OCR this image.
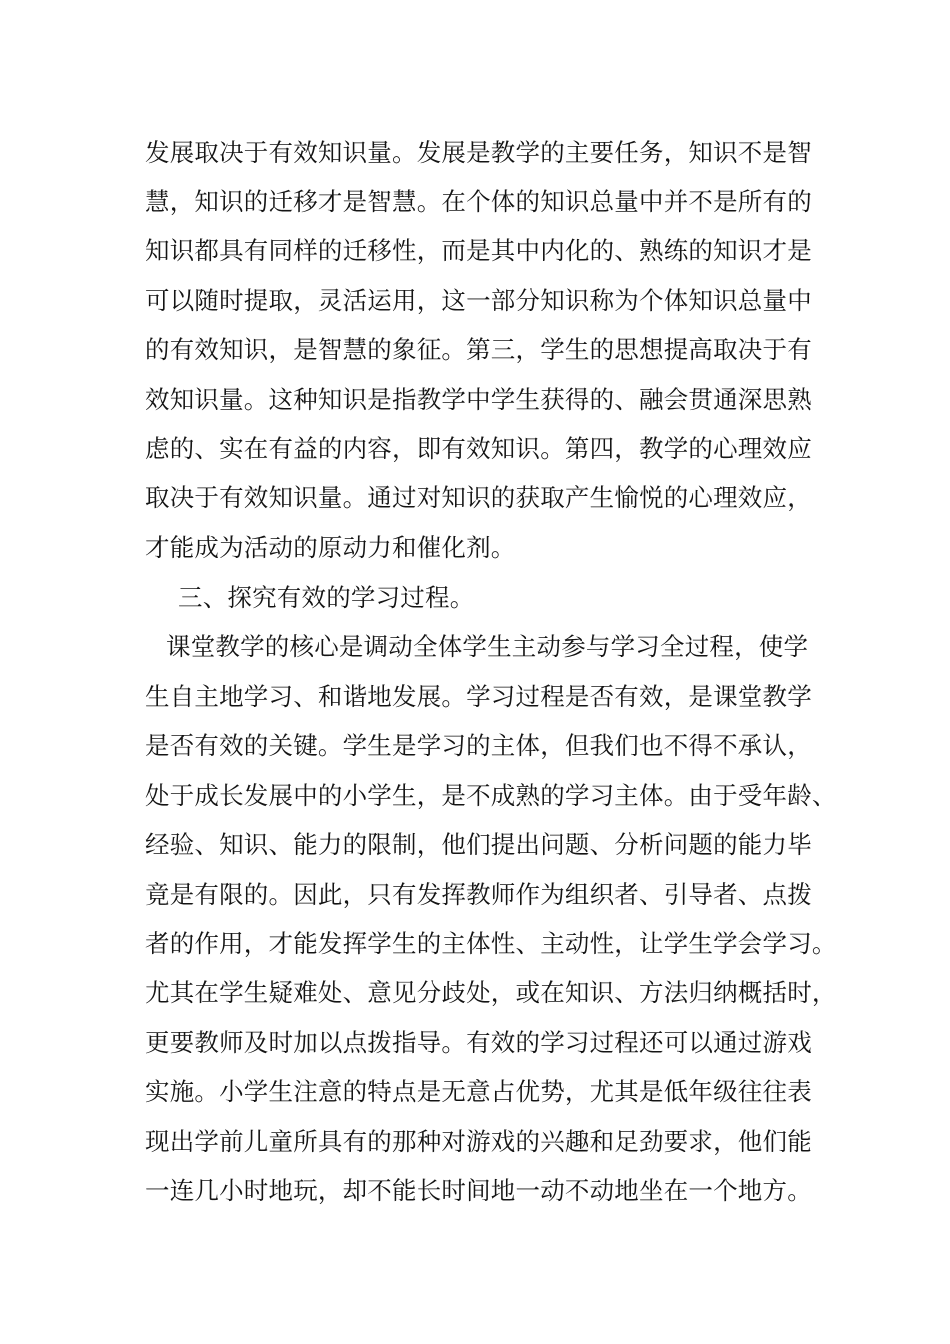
发展取决于有效知识量。发展是教学的主要任务，知识不是智
慧，知识的迁移才是智慧。在个体的知识总量中并不是所有的
知识都具有同样的迁移性，而是其中内化的、熟练的知识才是
可以随时提取，灵活运用，这一部分知识称为个体知识总量中
的有效知识，是智慧的象征。第三，学生的思想提高取决于有
效知识量。这种知识是指教学中学生获得的、融会贯通深思熟
虑的、实在有益的内容，即有效知识。第四，教学的心理效应
取决于有效知识量。通过对知识的获取产生愉悦的心理效应，
才能成为活动的原动力和催化剂。
三、探究有效的学习过程。
课堂教学的核心是调动全体学生主动参与学习全过程，使学
生自主地学习、和谐地发展。学习过程是否有效，是课堂教学
是否有效的关键。学生是学习的主体，但我们也不得不承认，
处于成长发展中的小学生，是不成熟的学习主体。由于受年龄、
经验、知识、能力的限制，他们提出问题、分析问题的能力毕
竟是有限的。因此，只有发挥教师作为组织者、引导者、点拨
者的作用，才能发挥学生的主体性、主动性，让学生学会学习。
尤其在学生疑难处、意见分歧处，或在知识、方法归纳概括时，
更要教师及时加以点拨指导。有效的学习过程还可以通过游戏
实施。小学生注意的特点是无意占优势，尤其是低年级往往表
现出学前儿童所具有的那种对游戏的兴趣和足劲要求，他们能
一连几小时地玩，却不能长时间地一动不动地坐在一个地方。
